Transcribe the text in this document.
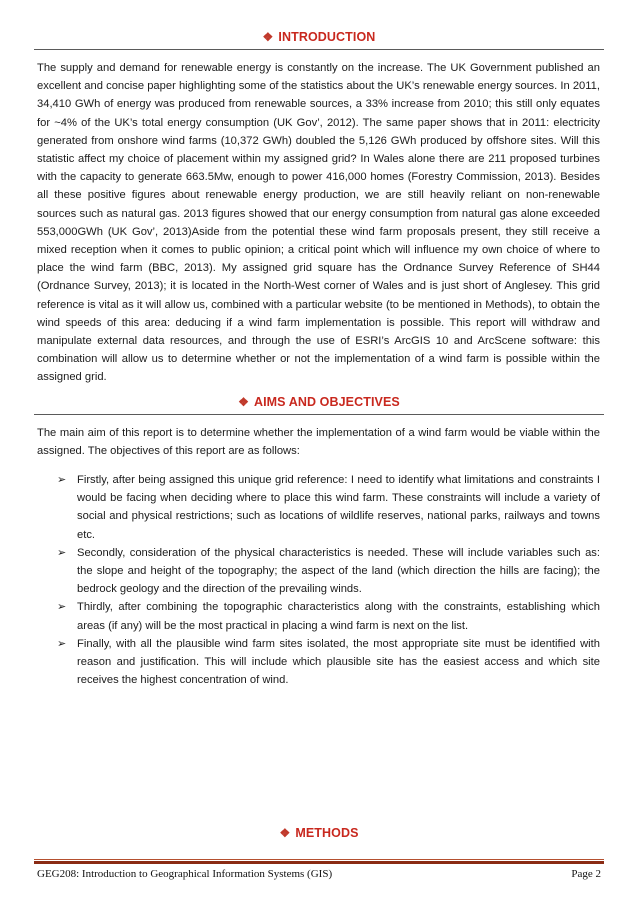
❖ INTRODUCTION

The supply and demand for renewable energy is constantly on the increase. The UK Government published an excellent and concise paper highlighting some of the statistics about the UK’s renewable energy sources. In 2011, 34,410 GWh of energy was produced from renewable sources, a 33% increase from 2010; this still only equates for ~4% of the UK’s total energy consumption (UK Gov’, 2012). The same paper shows that in 2011: electricity generated from onshore wind farms (10,372 GWh) doubled the 5,126 GWh produced by offshore sites. Will this statistic affect my choice of placement within my assigned grid? In Wales alone there are 211 proposed turbines with the capacity to generate 663.5Mw, enough to power 416,000 homes (Forestry Commission, 2013). Besides all these positive figures about renewable energy production, we are still heavily reliant on non-renewable sources such as natural gas. 2013 figures showed that our energy consumption from natural gas alone exceeded 553,000GWh (UK Gov’, 2013)Aside from the potential these wind farm proposals present, they still receive a mixed reception when it comes to public opinion; a critical point which will influence my own choice of where to place the wind farm (BBC, 2013). My assigned grid square has the Ordnance Survey Reference of SH44 (Ordnance Survey, 2013); it is located in the North-West corner of Wales and is just short of Anglesey. This grid reference is vital as it will allow us, combined with a particular website (to be mentioned in Methods), to obtain the wind speeds of this area: deducing if a wind farm implementation is possible. This report will withdraw and manipulate external data resources, and through the use of ESRI’s ArcGIS 10 and ArcScene software: this combination will allow us to determine whether or not the implementation of a wind farm is possible within the assigned grid.

❖ AIMS AND OBJECTIVES

The main aim of this report is to determine whether the implementation of a wind farm would be viable within the assigned. The objectives of this report are as follows:

➢ Firstly, after being assigned this unique grid reference: I need to identify what limitations and constraints I would be facing when deciding where to place this wind farm. These constraints will include a variety of social and physical restrictions; such as locations of wildlife reserves, national parks, railways and towns etc.
➢ Secondly, consideration of the physical characteristics is needed. These will include variables such as: the slope and height of the topography; the aspect of the land (which direction the hills are facing); the bedrock geology and the direction of the prevailing winds.
➢ Thirdly, after combining the topographic characteristics along with the constraints, establishing which areas (if any) will be the most practical in placing a wind farm is next on the list.
➢ Finally, with all the plausible wind farm sites isolated, the most appropriate site must be identified with reason and justification. This will include which plausible site has the easiest access and which site receives the highest concentration of wind.
❖ METHODS
GEG208: Introduction to Geographical Information Systems (GIS)	Page 2
